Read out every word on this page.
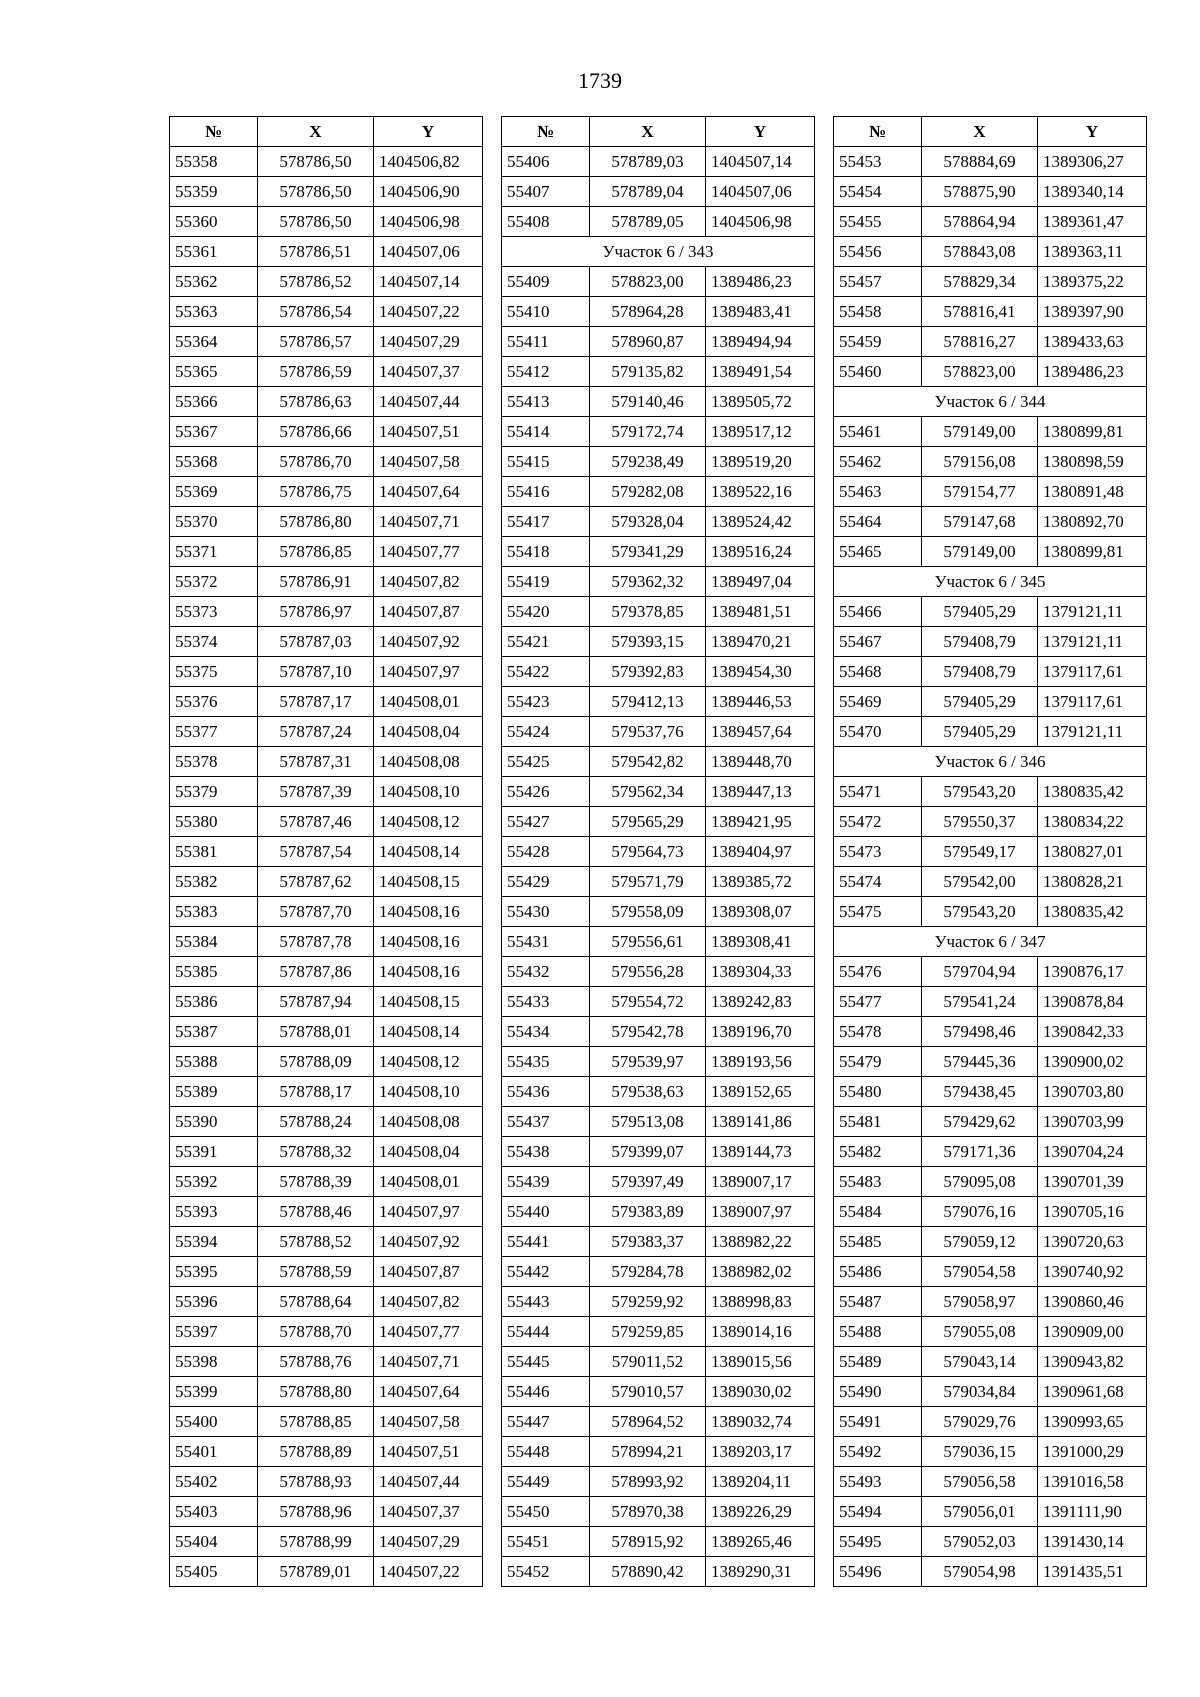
1739
№	X	Y
55358	578786,50	1404506,82
55359	578786,50	1404506,90
55360	578786,50	1404506,98
55361	578786,51	1404507,06
55362	578786,52	1404507,14
55363	578786,54	1404507,22
55364	578786,57	1404507,29
55365	578786,59	1404507,37
55366	578786,63	1404507,44
55367	578786,66	1404507,51
55368	578786,70	1404507,58
55369	578786,75	1404507,64
55370	578786,80	1404507,71
55371	578786,85	1404507,77
55372	578786,91	1404507,82
55373	578786,97	1404507,87
55374	578787,03	1404507,92
55375	578787,10	1404507,97
55376	578787,17	1404508,01
55377	578787,24	1404508,04
55378	578787,31	1404508,08
55379	578787,39	1404508,10
55380	578787,46	1404508,12
55381	578787,54	1404508,14
55382	578787,62	1404508,15
55383	578787,70	1404508,16
55384	578787,78	1404508,16
55385	578787,86	1404508,16
55386	578787,94	1404508,15
55387	578788,01	1404508,14
55388	578788,09	1404508,12
55389	578788,17	1404508,10
55390	578788,24	1404508,08
55391	578788,32	1404508,04
55392	578788,39	1404508,01
55393	578788,46	1404507,97
55394	578788,52	1404507,92
55395	578788,59	1404507,87
55396	578788,64	1404507,82
55397	578788,70	1404507,77
55398	578788,76	1404507,71
55399	578788,80	1404507,64
55400	578788,85	1404507,58
55401	578788,89	1404507,51
55402	578788,93	1404507,44
55403	578788,96	1404507,37
55404	578788,99	1404507,29
55405	578789,01	1404507,22
№	X	Y
55406	578789,03	1404507,14
55407	578789,04	1404507,06
55408	578789,05	1404506,98
Участок 6 / 343		
55409	578823,00	1389486,23
55410	578964,28	1389483,41
55411	578960,87	1389494,94
55412	579135,82	1389491,54
55413	579140,46	1389505,72
55414	579172,74	1389517,12
55415	579238,49	1389519,20
55416	579282,08	1389522,16
55417	579328,04	1389524,42
55418	579341,29	1389516,24
55419	579362,32	1389497,04
55420	579378,85	1389481,51
55421	579393,15	1389470,21
55422	579392,83	1389454,30
55423	579412,13	1389446,53
55424	579537,76	1389457,64
55425	579542,82	1389448,70
55426	579562,34	1389447,13
55427	579565,29	1389421,95
55428	579564,73	1389404,97
55429	579571,79	1389385,72
55430	579558,09	1389308,07
55431	579556,61	1389308,41
55432	579556,28	1389304,33
55433	579554,72	1389242,83
55434	579542,78	1389196,70
55435	579539,97	1389193,56
55436	579538,63	1389152,65
55437	579513,08	1389141,86
55438	579399,07	1389144,73
55439	579397,49	1389007,17
55440	579383,89	1389007,97
55441	579383,37	1388982,22
55442	579284,78	1388982,02
55443	579259,92	1388998,83
55444	579259,85	1389014,16
55445	579011,52	1389015,56
55446	579010,57	1389030,02
55447	578964,52	1389032,74
55448	578994,21	1389203,17
55449	578993,92	1389204,11
55450	578970,38	1389226,29
55451	578915,92	1389265,46
55452	578890,42	1389290,31
№	X	Y
55453	578884,69	1389306,27
55454	578875,90	1389340,14
55455	578864,94	1389361,47
55456	578843,08	1389363,11
55457	578829,34	1389375,22
55458	578816,41	1389397,90
55459	578816,27	1389433,63
55460	578823,00	1389486,23
Участок 6 / 344		
55461	579149,00	1380899,81
55462	579156,08	1380898,59
55463	579154,77	1380891,48
55464	579147,68	1380892,70
55465	579149,00	1380899,81
Участок 6 / 345		
55466	579405,29	1379121,11
55467	579408,79	1379121,11
55468	579408,79	1379117,61
55469	579405,29	1379117,61
55470	579405,29	1379121,11
Участок 6 / 346		
55471	579543,20	1380835,42
55472	579550,37	1380834,22
55473	579549,17	1380827,01
55474	579542,00	1380828,21
55475	579543,20	1380835,42
Участок 6 / 347		
55476	579704,94	1390876,17
55477	579541,24	1390878,84
55478	579498,46	1390842,33
55479	579445,36	1390900,02
55480	579438,45	1390703,80
55481	579429,62	1390703,99
55482	579171,36	1390704,24
55483	579095,08	1390701,39
55484	579076,16	1390705,16
55485	579059,12	1390720,63
55486	579054,58	1390740,92
55487	579058,97	1390860,46
55488	579055,08	1390909,00
55489	579043,14	1390943,82
55490	579034,84	1390961,68
55491	579029,76	1390993,65
55492	579036,15	1391000,29
55493	579056,58	1391016,58
55494	579056,01	1391111,90
55495	579052,03	1391430,14
55496	579054,98	1391435,51
